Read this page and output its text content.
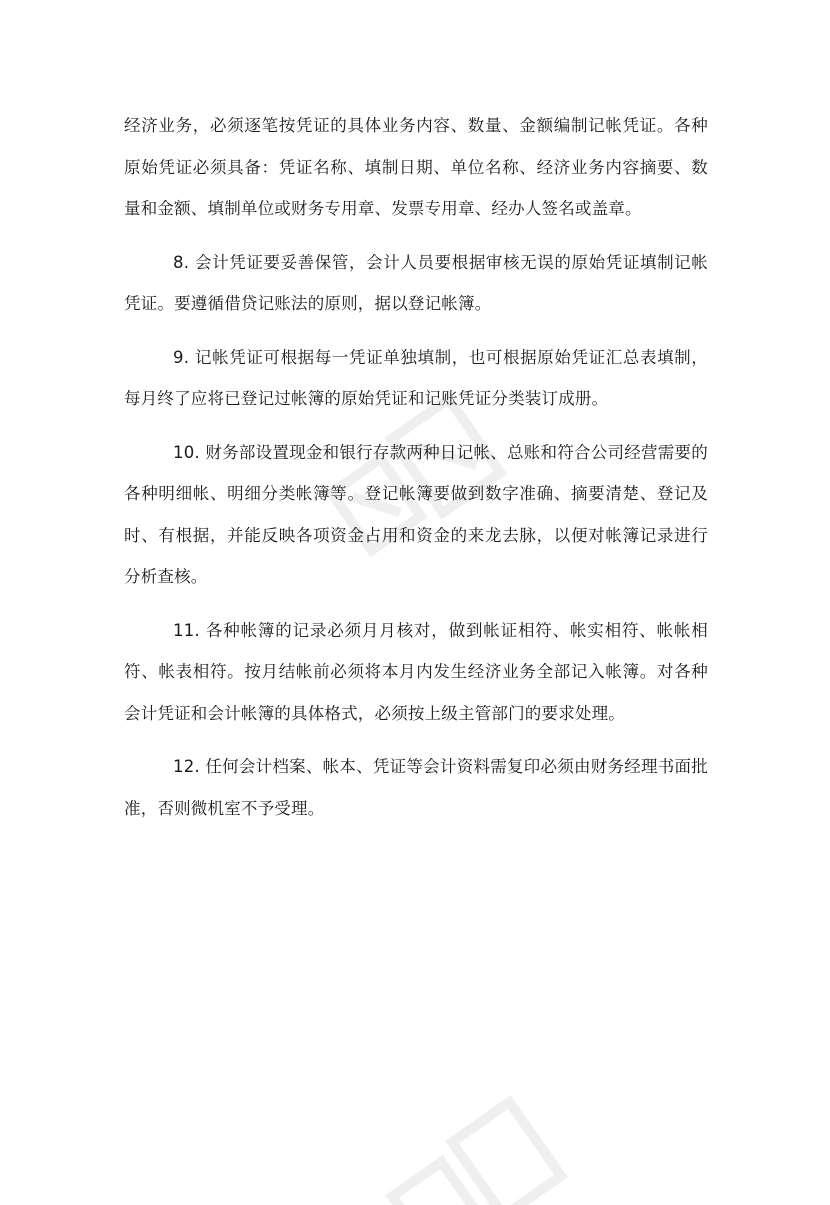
经济业务，必须逐笔按凭证的具体业务内容、数量、金额编制记帐凭证。各种原始凭证必须具备：凭证名称、填制日期、单位名称、经济业务内容摘要、数量和金额、填制单位或财务专用章、发票专用章、经办人签名或盖章。

8. 会计凭证要妥善保管，会计人员要根据审核无误的原始凭证填制记帐凭证。要遵循借贷记账法的原则，据以登记帐簿。

9. 记帐凭证可根据每一凭证单独填制，也可根据原始凭证汇总表填制，每月终了应将已登记过帐簿的原始凭证和记账凭证分类装订成册。

10. 财务部设置现金和银行存款两种日记帐、总账和符合公司经营需要的各种明细帐、明细分类帐簿等。登记帐簿要做到数字准确、摘要清楚、登记及时、有根据，并能反映各项资金占用和资金的来龙去脉，以便对帐簿记录进行分析查核。

11. 各种帐簿的记录必须月月核对，做到帐证相符、帐实相符、帐帐相符、帐表相符。按月结帐前必须将本月内发生经济业务全部记入帐簿。对各种会计凭证和会计帐簿的具体格式，必须按上级主管部门的要求处理。

12. 任何会计档案、帐本、凭证等会计资料需复印必须由财务经理书面批准，否则微机室不予受理。
